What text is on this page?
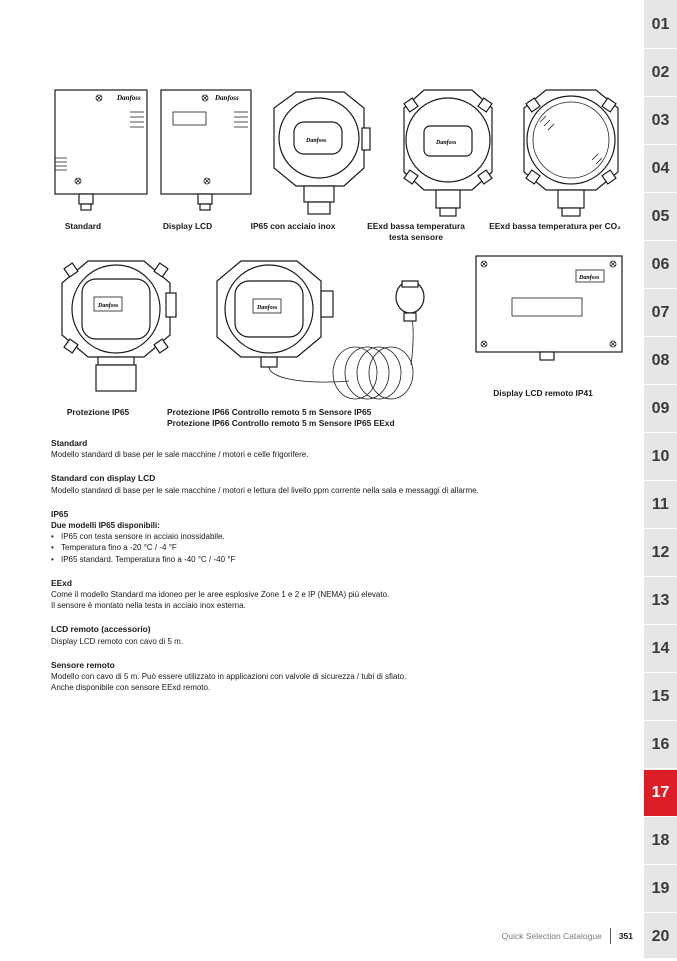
01
02
03
04
05
06
07
08
09
10
11
12
13
14
15
16
17
18
19
20
Danfoss	Danfoss
Danfoss	Danfoss
Standard	Display LCD	IP65 con acciaio inox	EExd bassa temperatura
testa sensore
EExd bassa temperatura per CO₂
Danfoss	Danfoss
Danfoss
Display LCD remoto IP41
Protezione IP65	Protezione IP66 Controllo remoto 5 m Sensore IP65
Protezione IP66 Controllo remoto 5 m Sensore IP65 EExd
Standard

Modello standard di base per le sale macchine / motori e celle frigorifere.

Standard con display LCD

Modello standard di base per le sale macchine / motori e lettura del livello ppm corrente nella sala e messaggi di allarme.

IP65

Due modelli IP65 disponibili:

• IP65 con testa sensore in acciaio inossidabile.
• Temperatura fino a -20 °C / -4 °F
• IP65 standard. Temperatura fino a -40 °C / -40 °F
EExd

Come il modello Standard ma idoneo per le aree esplosive Zone 1 e 2 e IP (NEMA) più elevato.

Il sensore è montato nella testa in acciaio inox esterna.

LCD remoto (accessorio)

Display LCD remoto con cavo di 5 m.

Sensore remoto

Modello con cavo di 5 m. Può essere utilizzato in applicazioni con valvole di sicurezza / tubi di sfiato.

Anche disponibile con sensore EExd remoto.

Quick Selection Catalogue 351
